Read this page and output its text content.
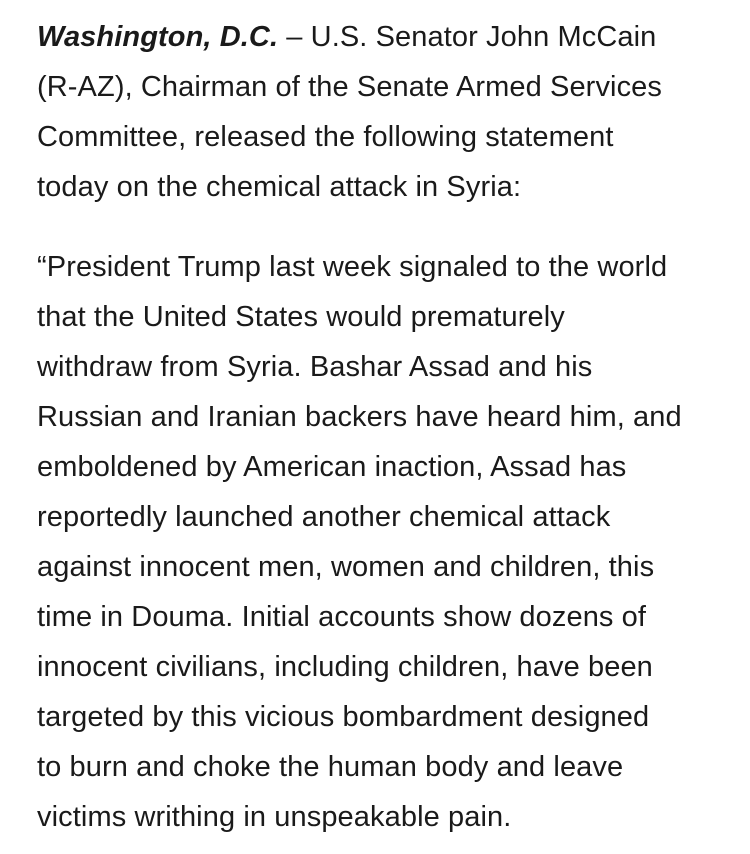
Washington, D.C. – U.S. Senator John McCain
(R-AZ), Chairman of the Senate Armed Services
Committee, released the following statement
today on the chemical attack in Syria:

“President Trump last week signaled to the world
that the United States would prematurely
withdraw from Syria. Bashar Assad and his
Russian and Iranian backers have heard him, and
emboldened by American inaction, Assad has
reportedly launched another chemical attack
against innocent men, women and children, this
time in Douma. Initial accounts show dozens of
innocent civilians, including children, have been
targeted by this vicious bombardment designed
to burn and choke the human body and leave
victims writhing in unspeakable pain.
